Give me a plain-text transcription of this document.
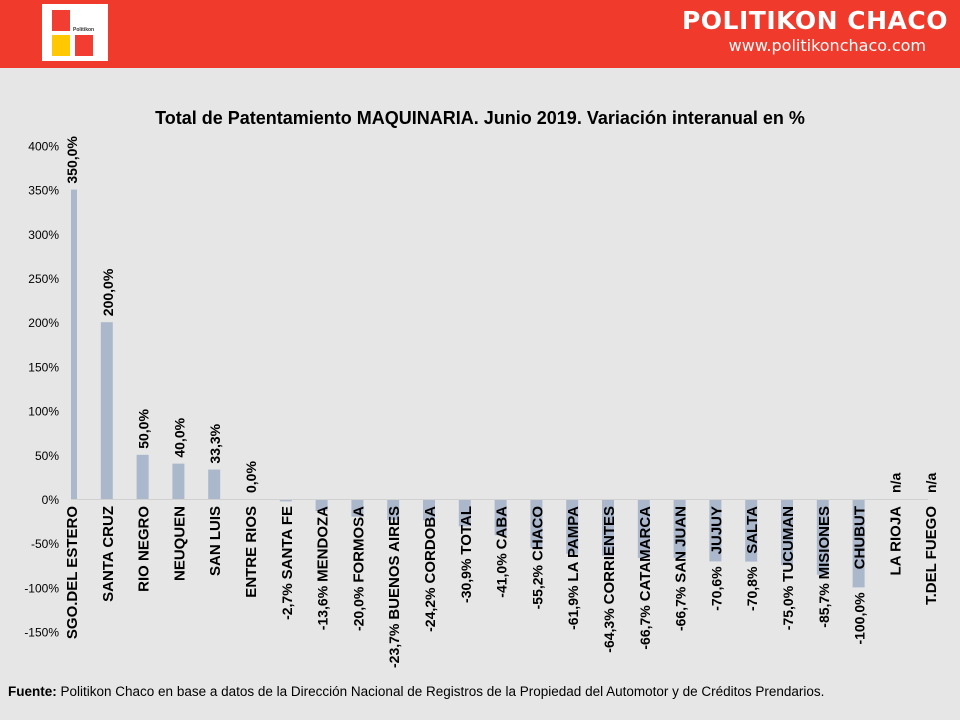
Politikon	POLITIKON CHACO
www.politikonchaco.com
Total de Patentamiento MAQUINARIA. Junio 2019. Variación interanual en %
400%
350%
300%
250%
200%
150%
100%
50%
0%
-50%
-100%
-150% SGO.DEL ESTERO SANTA CRUZ RIO NEGRO NEUQUEN SAN LUIS ENTRE RIOS SANTA FE MENDOZA FORMOSA BUENOS AIRES CORDOBA TOTAL CABA CHACO LA PAMPA CORRIENTES CATAMARCA SAN JUAN JUJUY SALTA TUCUMAN MISIONES CHUBUT LA RIOJA T.DEL FUEGO
350,0%
200,0%
50,0% 40,0% 33,3%
0,0%
-2,7% -13,6% -20,0%
-23,7%
-24,2%
-30,9% -41,0% -55,2% -61,9%
-64,3% -66,7% -66,7% -70,6% -70,8% -75,0% -85,7% -100,0%
n/a n/a
Fuente: Politikon Chaco en base a datos de la Dirección Nacional de Registros de la Propiedad del Automotor y de Créditos Prendarios.
